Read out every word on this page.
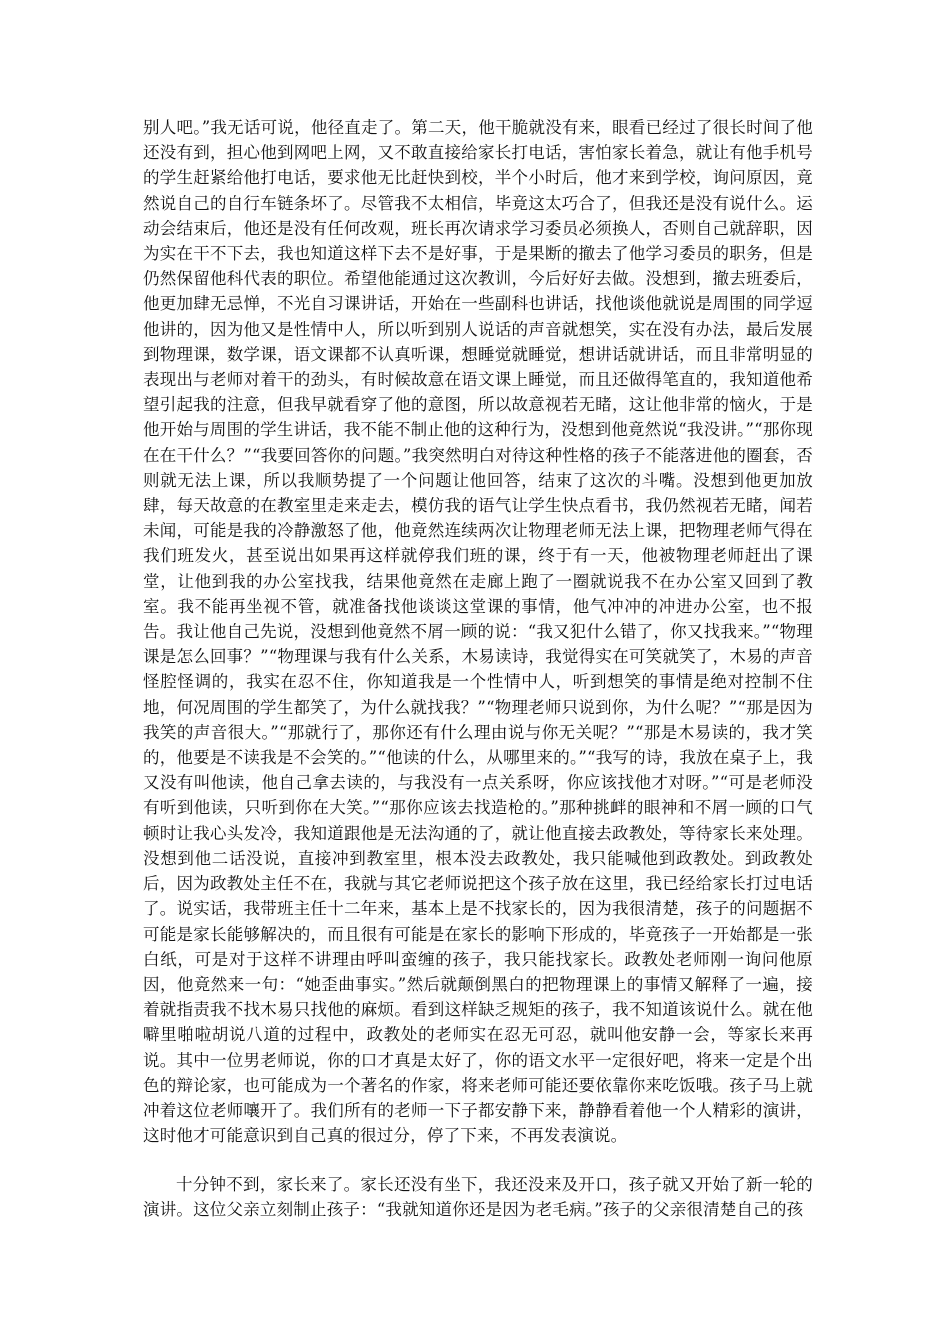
别人吧。”我无话可说，他径直走了。第二天，他干脆就没有来，眼看已经过了很长时间了他还没有到，担心他到网吧上网，又不敢直接给家长打电话，害怕家长着急，就让有他手机号的学生赶紧给他打电话，要求他无比赶快到校，半个小时后，他才来到学校，询问原因，竟然说自己的自行车链条坏了。尽管我不太相信，毕竟这太巧合了，但我还是没有说什么。运动会结束后，他还是没有任何改观，班长再次请求学习委员必须换人，否则自己就辞职，因为实在干不下去，我也知道这样下去不是好事，于是果断的撤去了他学习委员的职务，但是仍然保留他科代表的职位。希望他能通过这次教训，今后好好去做。没想到，撤去班委后，他更加肆无忌惮，不光自习课讲话，开始在一些副科也讲话，找他谈他就说是周围的同学逗他讲的，因为他又是性情中人，所以听到别人说话的声音就想笑，实在没有办法，最后发展到物理课，数学课，语文课都不认真听课，想睡觉就睡觉，想讲话就讲话，而且非常明显的表现出与老师对着干的劲头，有时候故意在语文课上睡觉，而且还做得笔直的，我知道他希望引起我的注意，但我早就看穿了他的意图，所以故意视若无睹，这让他非常的恼火，于是他开始与周围的学生讲话，我不能不制止他的这种行为，没想到他竟然说“我没讲。”“那你现在在干什么？”“我要回答你的问题。”我突然明白对待这种性格的孩子不能落进他的圈套，否则就无法上课，所以我顺势提了一个问题让他回答，结束了这次的斗嘴。没想到他更加放肆，每天故意的在教室里走来走去，模仿我的语气让学生快点看书，我仍然视若无睹，闻若未闻，可能是我的冷静激怒了他，他竟然连续两次让物理老师无法上课，把物理老师气得在我们班发火，甚至说出如果再这样就停我们班的课，终于有一天，他被物理老师赶出了课堂，让他到我的办公室找我，结果他竟然在走廊上跑了一圈就说我不在办公室又回到了教室。我不能再坐视不管，就准备找他谈谈这堂课的事情，他气冲冲的冲进办公室，也不报告。我让他自己先说，没想到他竟然不屑一顾的说：“我又犯什么错了，你又找我来。”“物理课是怎么回事？”“物理课与我有什么关系，木易读诗，我觉得实在可笑就笑了，木易的声音怪腔怪调的，我实在忍不住，你知道我是一个性情中人，听到想笑的事情是绝对控制不住地，何况周围的学生都笑了，为什么就找我？”“物理老师只说到你，为什么呢？”“那是因为我笑的声音很大。”“那就行了，那你还有什么理由说与你无关呢？”“那是木易读的，我才笑的，他要是不读我是不会笑的。”“他读的什么，从哪里来的。”“我写的诗，我放在桌子上，我又没有叫他读，他自己拿去读的，与我没有一点关系呀，你应该找他才对呀。”“可是老师没有听到他读，只听到你在大笑。”“那你应该去找造枪的。”那种挑衅的眼神和不屑一顾的口气顿时让我心头发冷，我知道跟他是无法沟通的了，就让他直接去政教处，等待家长来处理。没想到他二话没说，直接冲到教室里，根本没去政教处，我只能喊他到政教处。到政教处后，因为政教处主任不在，我就与其它老师说把这个孩子放在这里，我已经给家长打过电话了。说实话，我带班主任十二年来，基本上是不找家长的，因为我很清楚，孩子的问题据不可能是家长能够解决的，而且很有可能是在家长的影响下形成的，毕竟孩子一开始都是一张白纸，可是对于这样不讲理由呼叫蛮缠的孩子，我只能找家长。政教处老师刚一询问他原因，他竟然来一句：“她歪曲事实。”然后就颠倒黑白的把物理课上的事情又解释了一遍，接着就指责我不找木易只找他的麻烦。看到这样缺乏规矩的孩子，我不知道该说什么。就在他噼里啪啦胡说八道的过程中，政教处的老师实在忍无可忍，就叫他安静一会，等家长来再说。其中一位男老师说，你的口才真是太好了，你的语文水平一定很好吧，将来一定是个出色的辩论家，也可能成为一个著名的作家，将来老师可能还要依靠你来吃饭哦。孩子马上就冲着这位老师嚷开了。我们所有的老师一下子都安静下来，静静看着他一个人精彩的演讲，这时他才可能意识到自己真的很过分，停了下来，不再发表演说。
十分钟不到，家长来了。家长还没有坐下，我还没来及开口，孩子就又开始了新一轮的演讲。这位父亲立刻制止孩子：“我就知道你还是因为老毛病。”孩子的父亲很清楚自己的孩
